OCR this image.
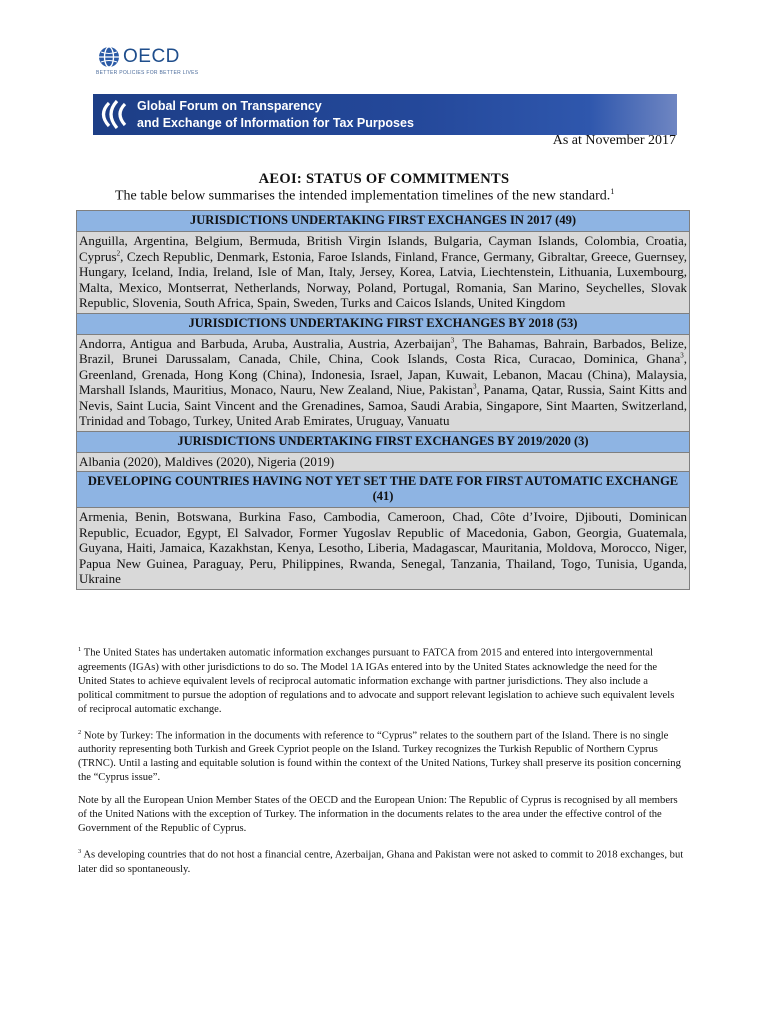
OECD
BETTER POLICIES FOR BETTER LIVES
Global Forum on Transparency
and Exchange of Information for Tax Purposes
As at November 2017
AEOI: STATUS OF COMMITMENTS
The table below summarises the intended implementation timelines of the new standard.$^1$
JURISDICTIONS UNDERTAKING FIRST EXCHANGES IN 2017 (49)
Anguilla, Argentina, Belgium, Bermuda, British Virgin Islands, Bulgaria, Cayman Islands, Colombia, Croatia, Cyprus$^2$, Czech Republic, Denmark, Estonia, Faroe Islands, Finland, France, Germany, Gibraltar, Greece, Guernsey, Hungary, Iceland, India, Ireland, Isle of Man, Italy, Jersey, Korea, Latvia, Liechtenstein, Lithuania, Luxembourg, Malta, Mexico, Montserrat, Netherlands, Norway, Poland, Portugal, Romania, San Marino, Seychelles, Slovak Republic, Slovenia, South Africa, Spain, Sweden, Turks and Caicos Islands, United Kingdom
JURISDICTIONS UNDERTAKING FIRST EXCHANGES BY 2018 (53)
Andorra, Antigua and Barbuda, Aruba, Australia, Austria, Azerbaijan$^3$, The Bahamas, Bahrain, Barbados, Belize, Brazil, Brunei Darussalam, Canada, Chile, China, Cook Islands, Costa Rica, Curacao, Dominica, Ghana$^3$, Greenland, Grenada, Hong Kong (China), Indonesia, Israel, Japan, Kuwait, Lebanon, Macau (China), Malaysia, Marshall Islands, Mauritius, Monaco, Nauru, New Zealand, Niue, Pakistan$^3$, Panama, Qatar, Russia, Saint Kitts and Nevis, Saint Lucia, Saint Vincent and the Grenadines, Samoa, Saudi Arabia, Singapore, Sint Maarten, Switzerland, Trinidad and Tobago, Turkey, United Arab Emirates, Uruguay, Vanuatu
JURISDICTIONS UNDERTAKING FIRST EXCHANGES BY 2019/2020 (3)
Albania (2020), Maldives (2020), Nigeria (2019)
DEVELOPING COUNTRIES HAVING NOT YET SET THE DATE FOR FIRST AUTOMATIC EXCHANGE (41)
Armenia, Benin, Botswana, Burkina Faso, Cambodia, Cameroon, Chad, Côte d’Ivoire, Djibouti, Dominican Republic, Ecuador, Egypt, El Salvador, Former Yugoslav Republic of Macedonia, Gabon, Georgia, Guatemala, Guyana, Haiti, Jamaica, Kazakhstan, Kenya, Lesotho, Liberia, Madagascar, Mauritania, Moldova, Morocco, Niger, Papua New Guinea, Paraguay, Peru, Philippines, Rwanda, Senegal, Tanzania, Thailand, Togo, Tunisia, Uganda, Ukraine

$^1$ The United States has undertaken automatic information exchanges pursuant to FATCA from 2015 and entered into intergovernmental agreements (IGAs) with other jurisdictions to do so. The Model 1A IGAs entered into by the United States acknowledge the need for the United States to achieve equivalent levels of reciprocal automatic information exchange with partner jurisdictions. They also include a political commitment to pursue the adoption of regulations and to advocate and support relevant legislation to achieve such equivalent levels of reciprocal automatic exchange.

$^2$ Note by Turkey: The information in the documents with reference to “Cyprus” relates to the southern part of the Island. There is no single authority representing both Turkish and Greek Cypriot people on the Island. Turkey recognizes the Turkish Republic of Northern Cyprus (TRNC). Until a lasting and equitable solution is found within the context of the United Nations, Turkey shall preserve its position concerning the “Cyprus issue”.

Note by all the European Union Member States of the OECD and the European Union: The Republic of Cyprus is recognised by all members of the United Nations with the exception of Turkey. The information in the documents relates to the area under the effective control of the Government of the Republic of Cyprus.

$^3$ As developing countries that do not host a financial centre, Azerbaijan, Ghana and Pakistan were not asked to commit to 2018 exchanges, but later did so spontaneously.
